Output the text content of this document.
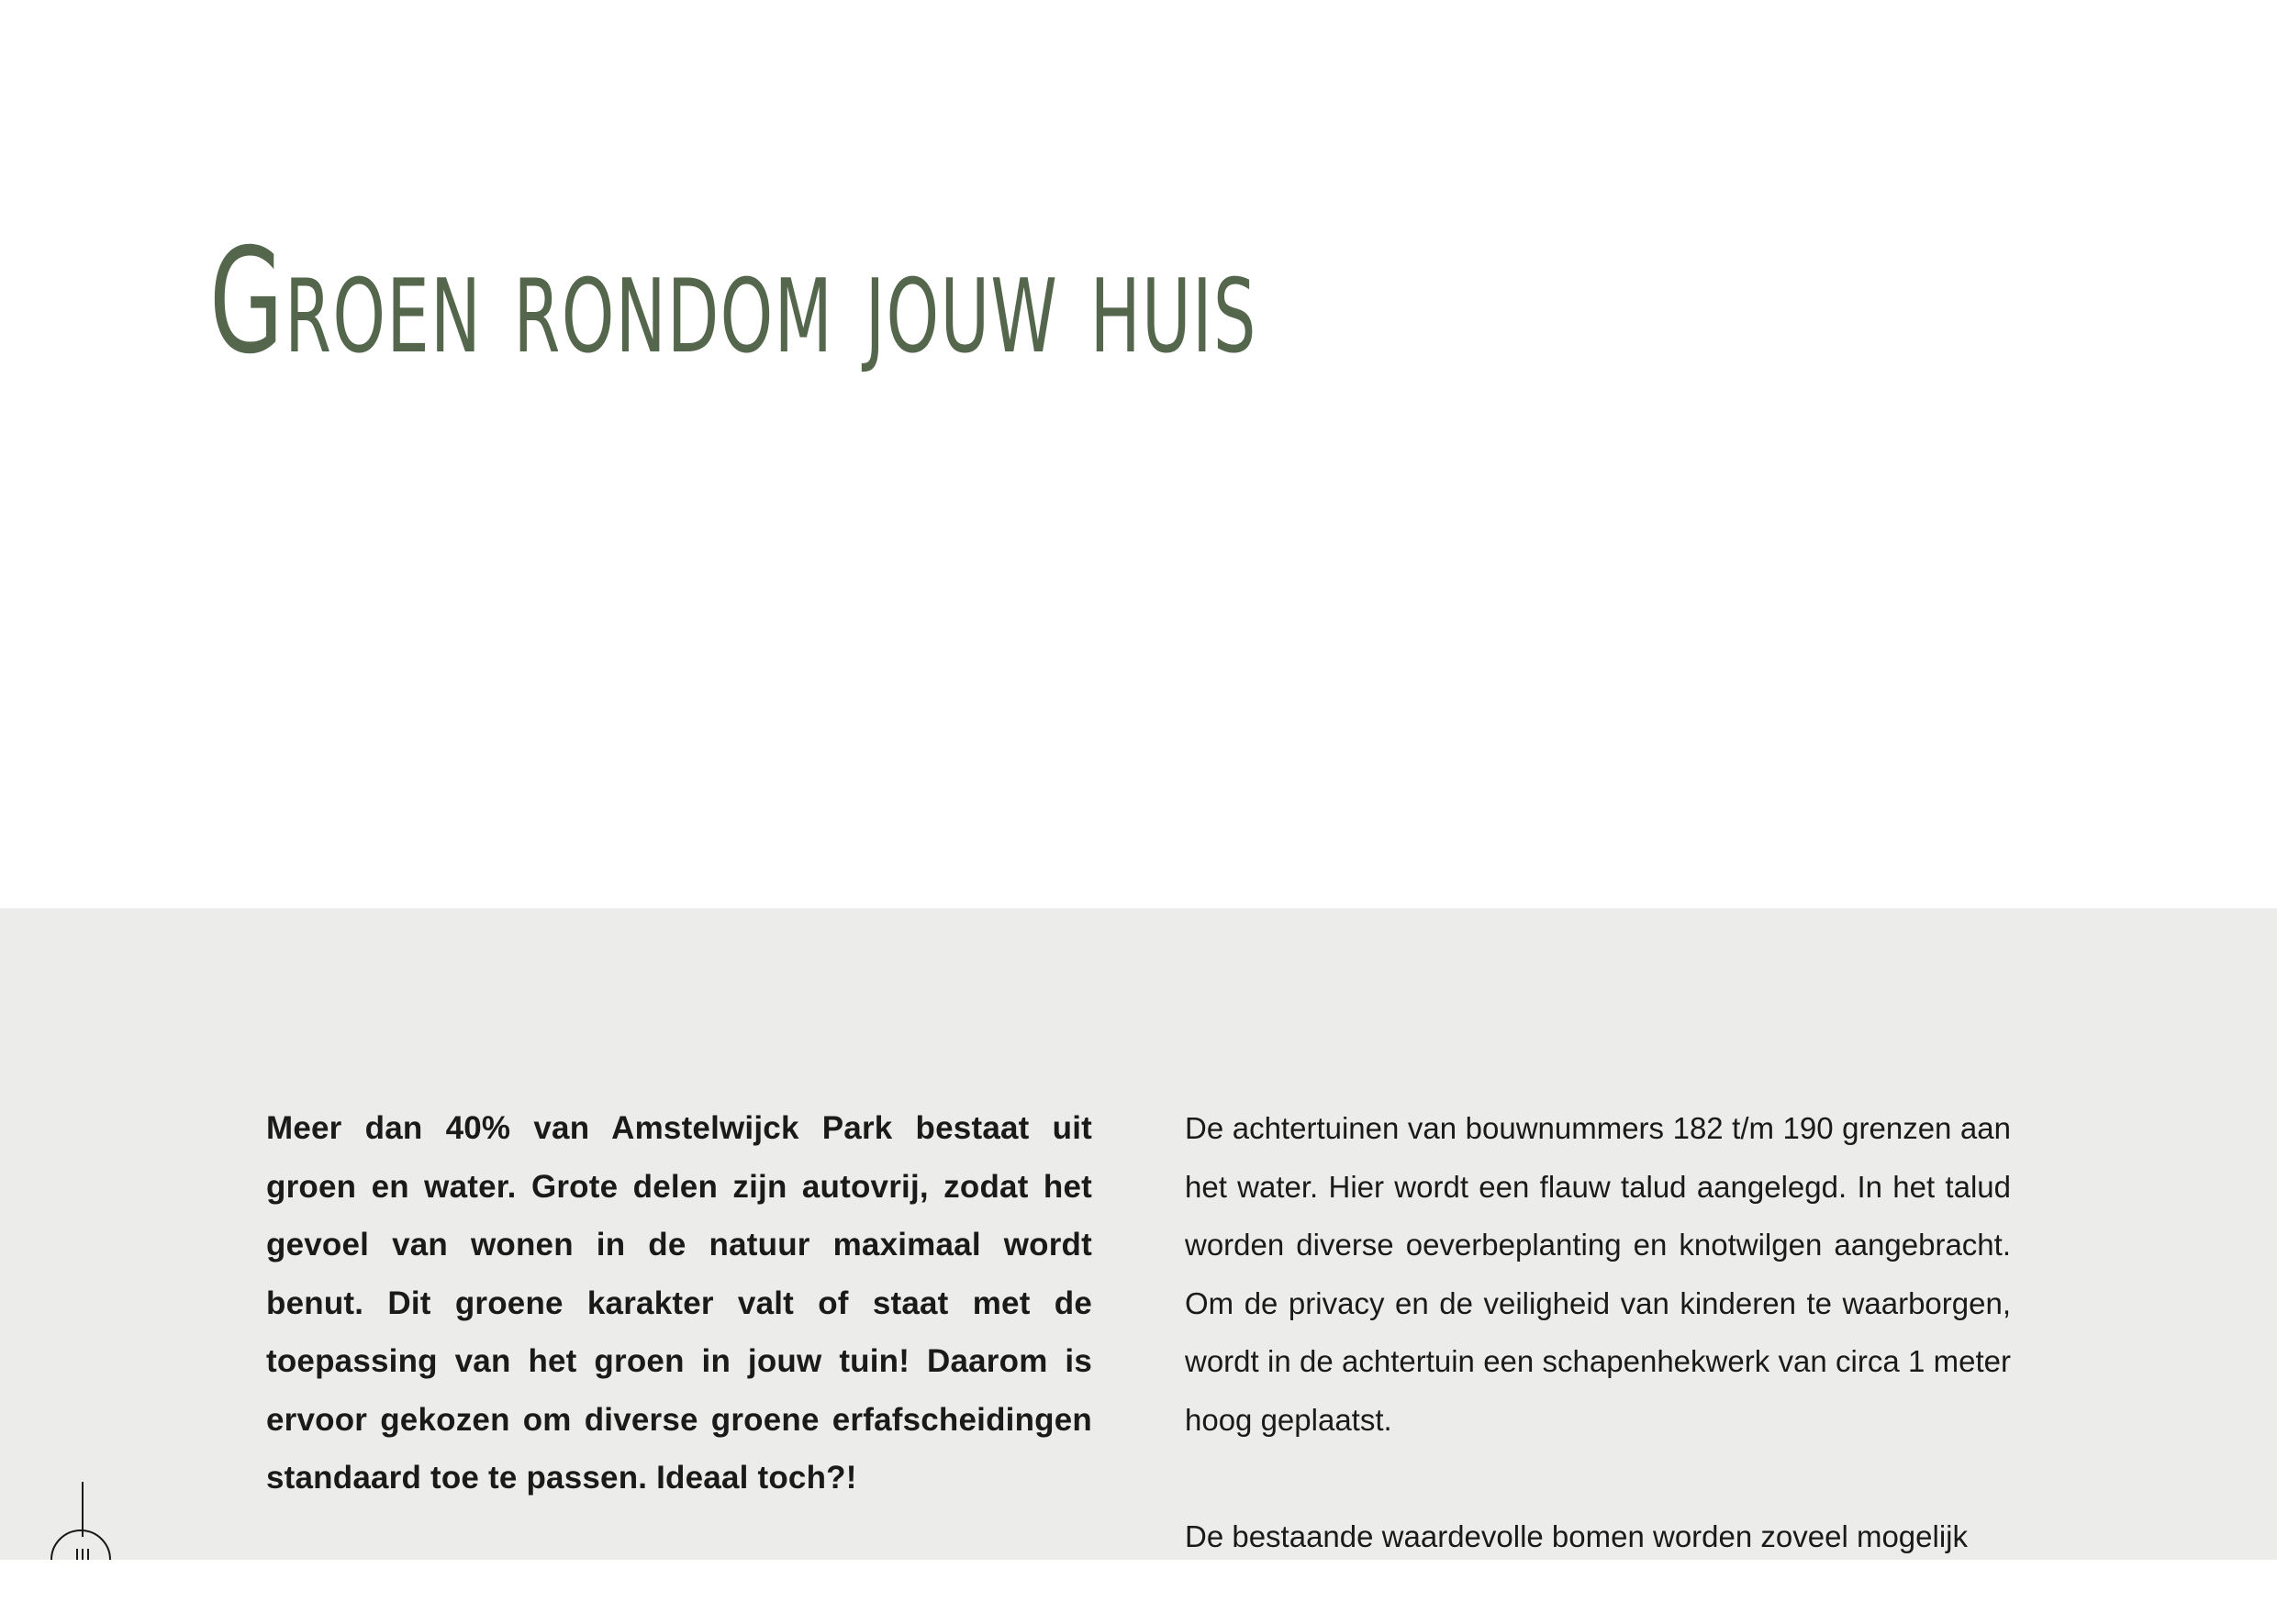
Groen rondom jouw huis

Meer dan 40% van Amstelwijck Park bestaat uit groen en water. Grote delen zijn autovrij, zodat het gevoel van wonen in de natuur maximaal wordt benut. Dit groene karakter valt of staat met de toepassing van het groen in jouw tuin! Daarom is ervoor gekozen om diverse groene erfafscheidingen standaard toe te passen. Ideaal toch?!

De achtertuinen van bouwnummers 182 t/m 190 grenzen aan het water. Hier wordt een flauw talud aangelegd. In het talud worden diverse oeverbeplanting en knotwilgen aangebracht. Om de privacy en de veiligheid van kinderen te waarborgen, wordt in de achtertuin een schapenhekwerk van circa 1 meter hoog geplaatst.

De bestaande waardevolle bomen worden zoveel mogelijk
